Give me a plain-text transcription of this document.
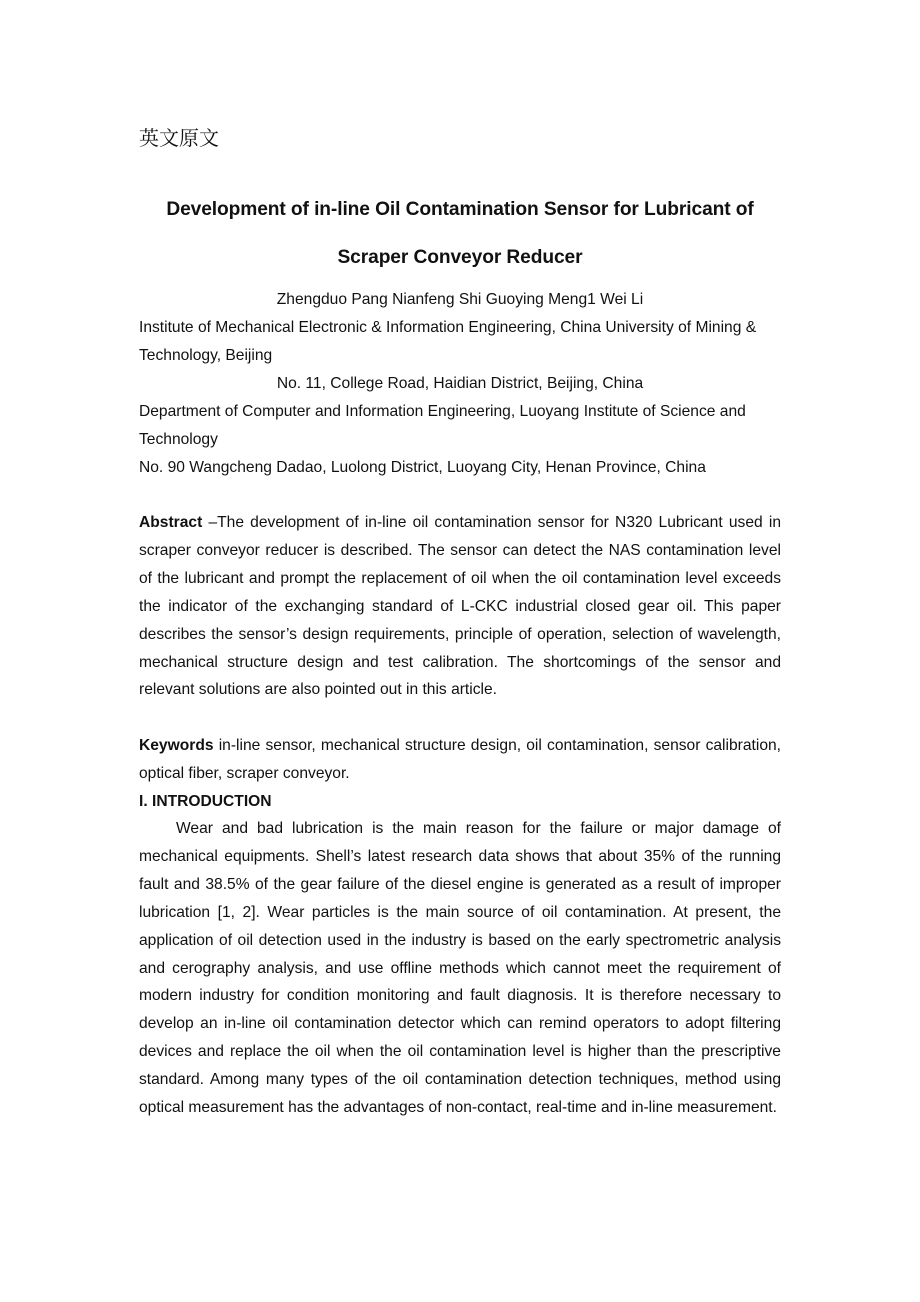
英文原文
Development of in-line Oil Contamination Sensor for Lubricant of
Scraper Conveyor Reducer
Zhengduo Pang Nianfeng Shi Guoying Meng1 Wei Li
Institute of Mechanical Electronic & Information Engineering, China University of Mining & Technology, Beijing
No. 11, College Road, Haidian District, Beijing, China
Department of Computer and Information Engineering, Luoyang Institute of Science and Technology
No. 90 Wangcheng Dadao, Luolong District, Luoyang City, Henan Province, China
Abstract –The development of in-line oil contamination sensor for N320 Lubricant used in scraper conveyor reducer is described. The sensor can detect the NAS contamination level of the lubricant and prompt the replacement of oil when the oil contamination level exceeds the indicator of the exchanging standard of L-CKC industrial closed gear oil. This paper describes the sensor’s design requirements, principle of operation, selection of wavelength, mechanical structure design and test calibration. The shortcomings of the sensor and relevant solutions are also pointed out in this article.
Keywords in-line sensor, mechanical structure design, oil contamination, sensor calibration, optical fiber, scraper conveyor.
I. INTRODUCTION
Wear and bad lubrication is the main reason for the failure or major damage of mechanical equipments. Shell’s latest research data shows that about 35% of the running fault and 38.5% of the gear failure of the diesel engine is generated as a result of improper lubrication [1, 2]. Wear particles is the main source of oil contamination. At present, the application of oil detection used in the industry is based on the early spectrometric analysis and cerography analysis, and use offline methods which cannot meet the requirement of modern industry for condition monitoring and fault diagnosis. It is therefore necessary to develop an in-line oil contamination detector which can remind operators to adopt filtering devices and replace the oil when the oil contamination level is higher than the prescriptive standard. Among many types of the oil contamination detection techniques, method using optical measurement has the advantages of non-contact, real-time and in-line measurement.
